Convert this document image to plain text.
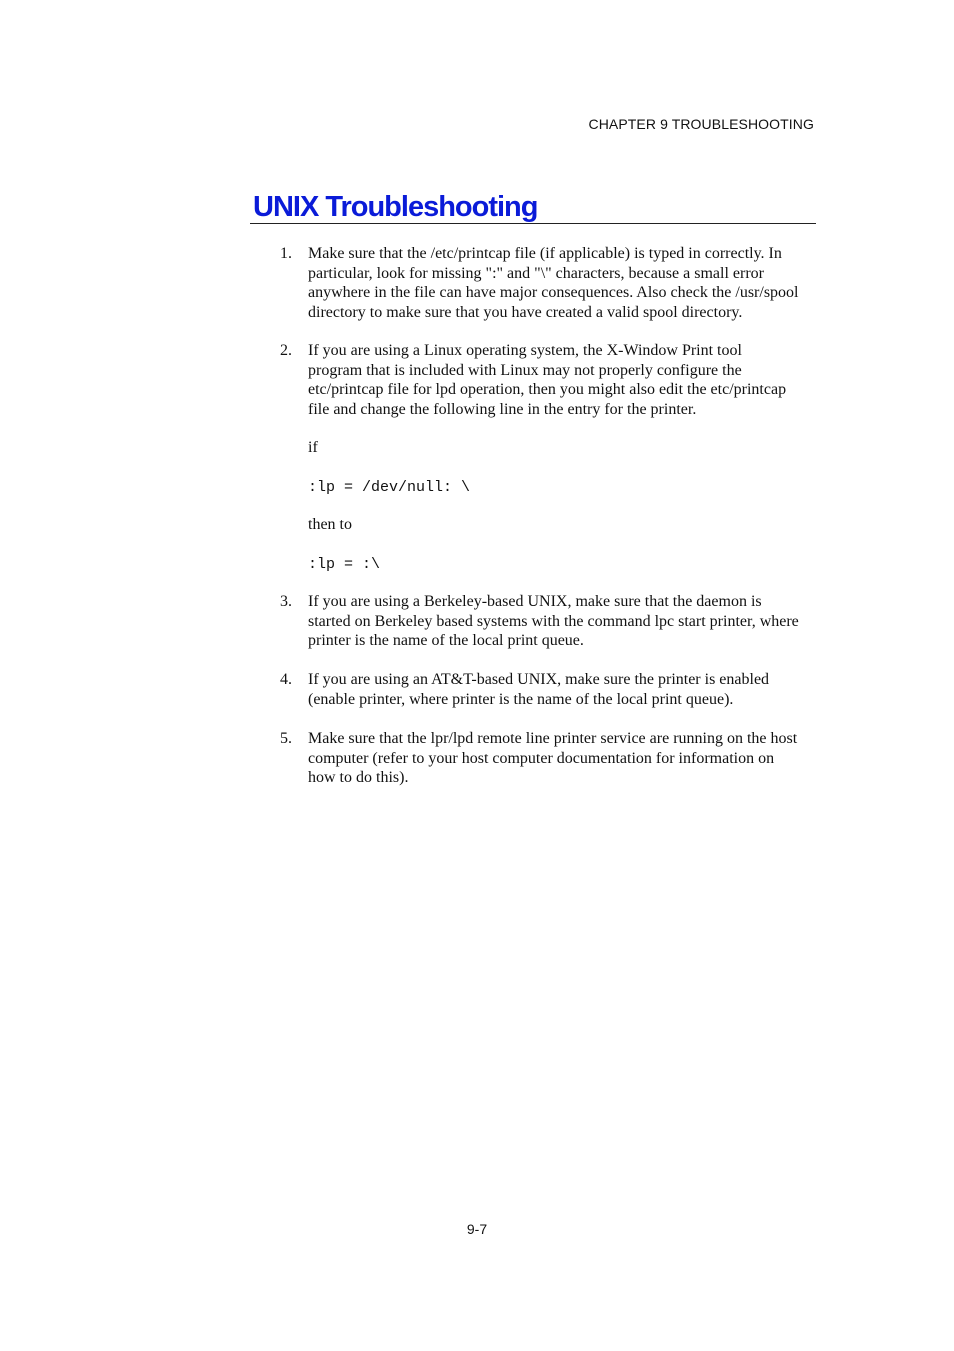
CHAPTER 9 TROUBLESHOOTING
UNIX Troubleshooting
1. Make sure that the /etc/printcap file (if applicable) is typed in correctly. In
particular, look for missing ":" and "\" characters, because a small error
anywhere in the file can have major consequences. Also check the /usr/spool
directory to make sure that you have created a valid spool directory.
2. If you are using a Linux operating system, the X-Window Print tool
program that is included with Linux may not properly configure the
etc/printcap file for lpd operation, then you might also edit the etc/printcap
file and change the following line in the entry for the printer.
if
:lp = /dev/null: \
then to
:lp = :\
3. If you are using a Berkeley-based UNIX, make sure that the daemon is
started on Berkeley based systems with the command lpc start printer, where
printer is the name of the local print queue.
4. If you are using an AT&T-based UNIX, make sure the printer is enabled
(enable printer, where printer is the name of the local print queue).
5. Make sure that the lpr/lpd remote line printer service are running on the host
computer (refer to your host computer documentation for information on
how to do this).
9-7
